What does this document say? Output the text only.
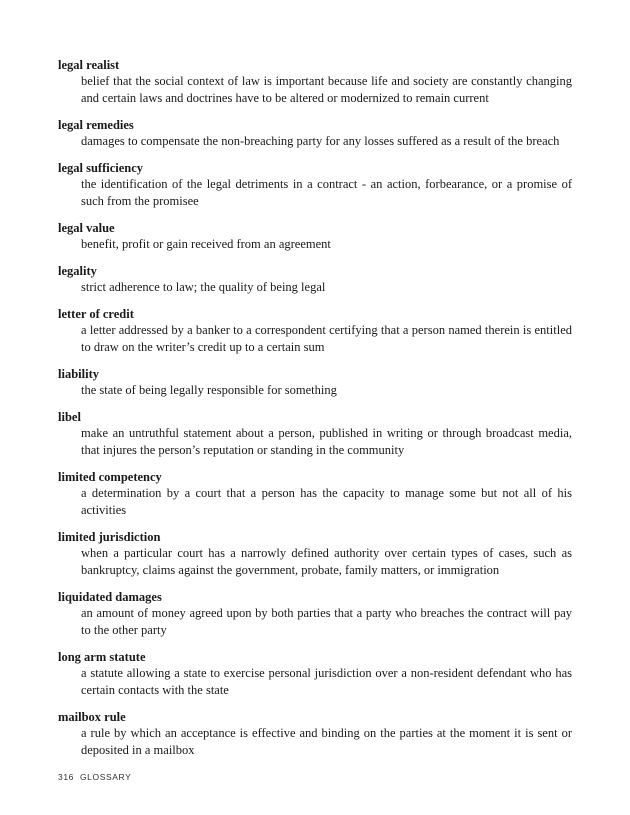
legal realist

belief that the social context of law is important because life and society are constantly changing and certain laws and doctrines have to be altered or modernized to remain current

legal remedies

damages to compensate the non-breaching party for any losses suffered as a result of the breach

legal sufficiency

the identification of the legal detriments in a contract - an action, forbearance, or a promise of such from the promisee

legal value

benefit, profit or gain received from an agreement

legality

strict adherence to law; the quality of being legal

letter of credit

a letter addressed by a banker to a correspondent certifying that a person named therein is entitled to draw on the writer’s credit up to a certain sum

liability

the state of being legally responsible for something

libel

make an untruthful statement about a person, published in writing or through broadcast media, that injures the person’s reputation or standing in the community

limited competency

a determination by a court that a person has the capacity to manage some but not all of his activities

limited jurisdiction

when a particular court has a narrowly defined authority over certain types of cases, such as bankruptcy, claims against the government, probate, family matters, or immigration

liquidated damages

an amount of money agreed upon by both parties that a party who breaches the contract will pay to the other party

long arm statute

a statute allowing a state to exercise personal jurisdiction over a non-resident defendant who has certain contacts with the state

mailbox rule

a rule by which an acceptance is effective and binding on the parties at the moment it is sent or deposited in a mailbox

316 GLOSSARY
